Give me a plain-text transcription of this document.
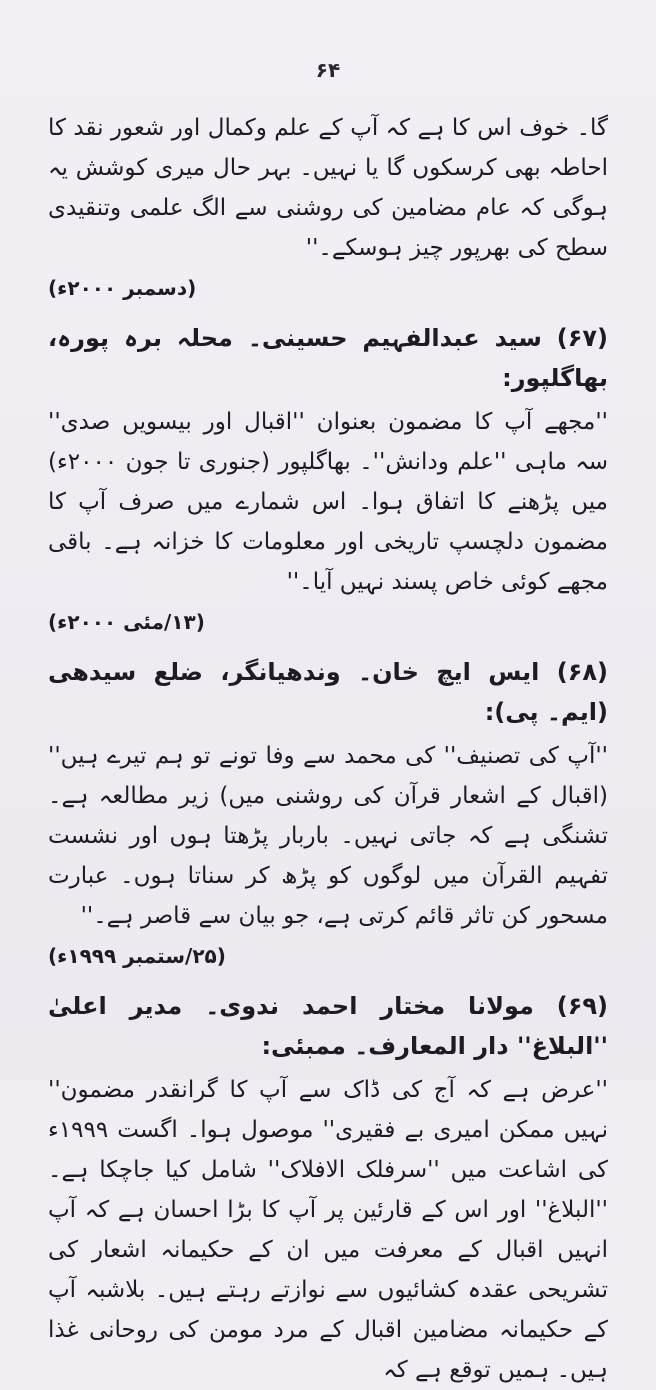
۶۴

گا۔ خوف اس کا ہے کہ آپ کے علم وکمال اور شعور نقد کا احاطہ بھی کرسکوں گا یا نہیں۔ بہر حال میری کوشش یہ ہوگی کہ عام مضامین کی روشنی سے الگ علمی وتنقیدی سطح کی بھرپور چیز ہوسکے۔''

(دسمبر ۲۰۰۰ء)

(۶۷) سید عبدالفہیم حسینی۔ محلہ برہ پورہ، بھاگلپور:

''مجھے آپ کا مضمون بعنوان ''اقبال اور بیسویں صدی'' سہ ماہی ''علم ودانش''۔ بھاگلپور (جنوری تا جون ۲۰۰۰ء) میں پڑھنے کا اتفاق ہوا۔ اس شمارے میں صرف آپ کا مضمون دلچسپ تاریخی اور معلومات کا خزانہ ہے۔ باقی مجھے کوئی خاص پسند نہیں آیا۔''

(۱۳/مئی ۲۰۰۰ء)

(۶۸) ایس ایچ خان۔ وندھیانگر، ضلع سیدھی (ایم۔ پی):

''آپ کی تصنیف'' کی محمد سے وفا تونے تو ہم تیرے ہیں'' (اقبال کے اشعار قرآن کی روشنی میں) زیر مطالعہ ہے۔ تشنگی ہے کہ جاتی نہیں۔ باربار پڑھتا ہوں اور نشست تفہیم القرآن میں لوگوں کو پڑھ کر سناتا ہوں۔ عبارت مسحور کن تاثر قائم کرتی ہے، جو بیان سے قاصر ہے۔''

(۲۵/ستمبر ۱۹۹۹ء)

(۶۹) مولانا مختار احمد ندوی۔ مدیر اعلیٰ ''البلاغ'' دار المعارف۔ ممبئی:

''عرض ہے کہ آج کی ڈاک سے آپ کا گرانقدر مضمون'' نہیں ممکن امیری بے فقیری'' موصول ہوا۔ اگست ۱۹۹۹ء کی اشاعت میں ''سرفلک الافلاک'' شامل کیا جاچکا ہے۔ ''البلاغ'' اور اس کے قارئین پر آپ کا بڑا احسان ہے کہ آپ انہیں اقبال کے معرفت میں ان کے حکیمانہ اشعار کی تشریحی عقدہ کشائیوں سے نوازتے رہتے ہیں۔ بلاشبہ آپ کے حکیمانہ مضامین اقبال کے مرد مومن کی روحانی غذا ہیں۔ ہمیں توقع ہے کہ
